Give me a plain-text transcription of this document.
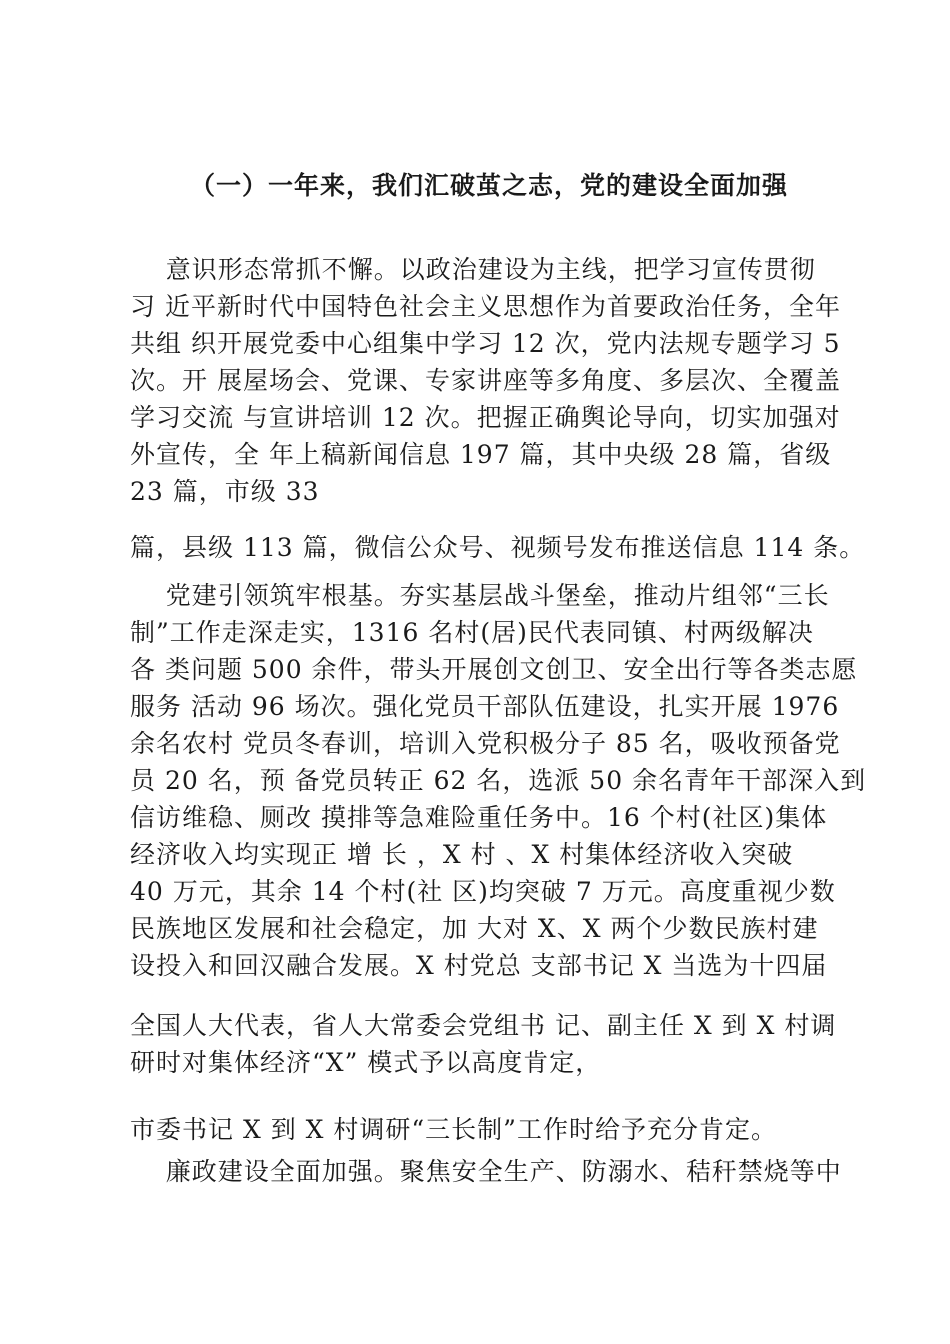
（一）一年来，我们汇破茧之志，党的建设全面加强
意识形态常抓不懈。以政治建设为主线，把学习宣传贯彻
习 近平新时代中国特色社会主义思想作为首要政治任务，全年
共组 织开展党委中心组集中学习 12 次，党内法规专题学习 5
次。开 展屋场会、党课、专家讲座等多角度、多层次、全覆盖
学习交流 与宣讲培训 12 次。把握正确舆论导向，切实加强对
外宣传，全 年上稿新闻信息 197 篇，其中央级 28 篇，省级
23 篇，市级 33
篇，县级 113 篇，微信公众号、视频号发布推送信息 114 条。
党建引领筑牢根基。夯实基层战斗堡垒，推动片组邻“三长
制”工作走深走实，1316 名村(居)民代表同镇、村两级解决
各 类问题 500 余件，带头开展创文创卫、安全出行等各类志愿
服务 活动 96 场次。强化党员干部队伍建设，扎实开展 1976
余名农村 党员冬春训，培训入党积极分子 85 名，吸收预备党
员 20 名，预 备党员转正 62 名，选派 50 余名青年干部深入到
信访维稳、厕改 摸排等急难险重任务中。16 个村(社区)集体
经济收入均实现正 增 长 ，X 村 、X 村集体经济收入突破
40 万元，其余 14 个村(社 区)均突破 7 万元。高度重视少数
民族地区发展和社会稳定，加 大对 X、X 两个少数民族村建
设投入和回汉融合发展。X 村党总 支部书记 X 当选为十四届
全国人大代表，省人大常委会党组书 记、副主任 X 到 X 村调
研时对集体经济“X” 模式予以高度肯定，
市委书记 X 到 X 村调研“三长制”工作时给予充分肯定。
廉政建设全面加强。聚焦安全生产、防溺水、秸秆禁烧等中
